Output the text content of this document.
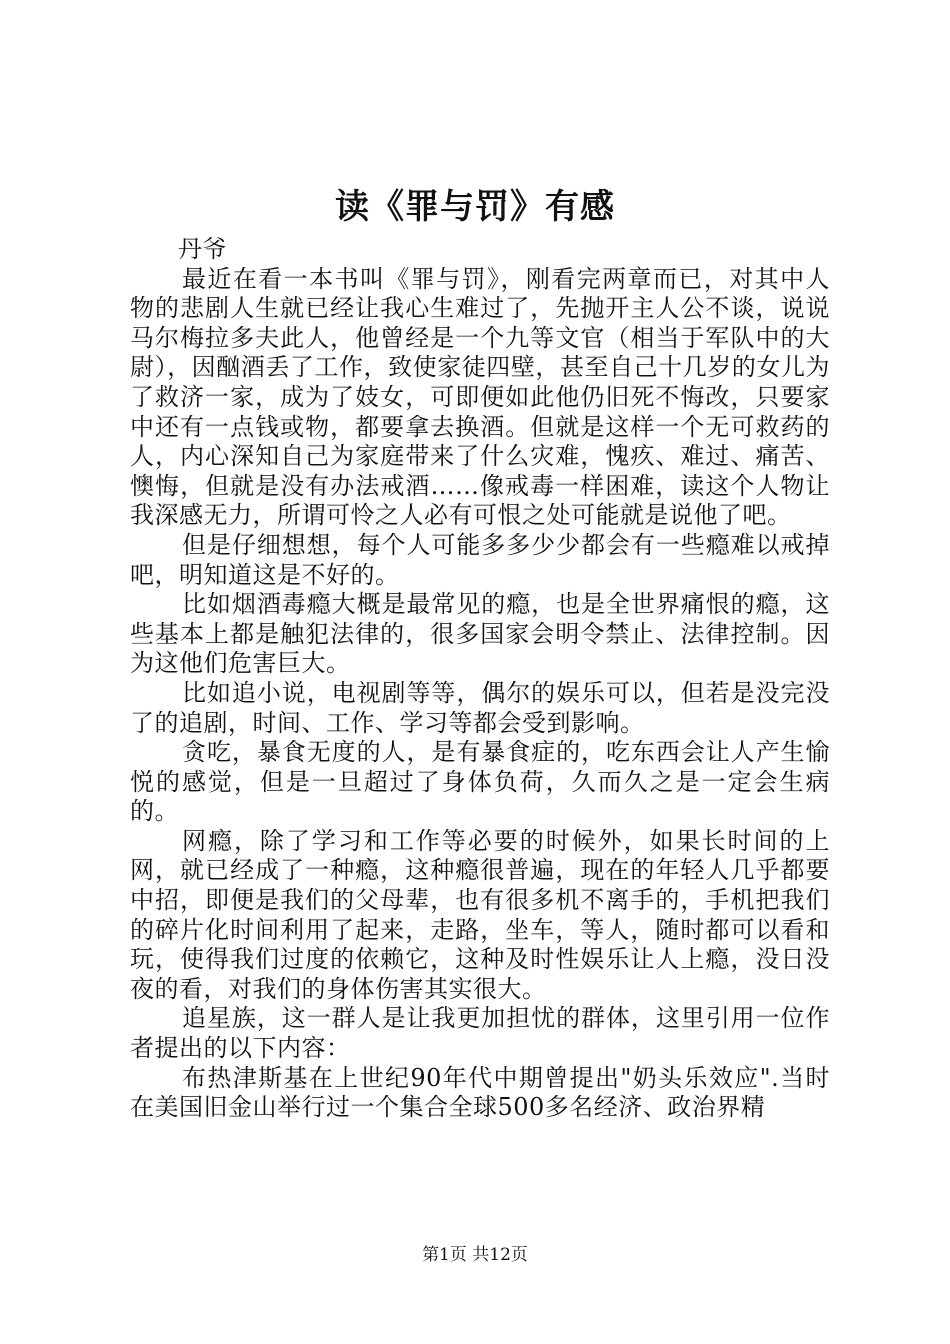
读《罪与罚》有感

丹爷

最近在看一本书叫《罪与罚》，刚看完两章而已，对其中人物的悲剧人生就已经让我心生难过了，先抛开主人公不谈，说说马尔梅拉多夫此人，他曾经是一个九等文官（相当于军队中的大尉），因酗酒丢了工作，致使家徒四壁，甚至自己十几岁的女儿为了救济一家，成为了妓女，可即便如此他仍旧死不悔改，只要家中还有一点钱或物，都要拿去换酒。但就是这样一个无可救药的人，内心深知自己为家庭带来了什么灾难，愧疚、难过、痛苦、懊悔，但就是没有办法戒酒……像戒毒一样困难，读这个人物让我深感无力，所谓可怜之人必有可恨之处可能就是说他了吧。

但是仔细想想，每个人可能多多少少都会有一些瘾难以戒掉吧，明知道这是不好的。

比如烟酒毒瘾大概是最常见的瘾，也是全世界痛恨的瘾，这些基本上都是触犯法律的，很多国家会明令禁止、法律控制。因为这他们危害巨大。

比如追小说，电视剧等等，偶尔的娱乐可以，但若是没完没了的追剧，时间、工作、学习等都会受到影响。

贪吃，暴食无度的人，是有暴食症的，吃东西会让人产生愉悦的感觉，但是一旦超过了身体负荷，久而久之是一定会生病的。

网瘾，除了学习和工作等必要的时候外，如果长时间的上网，就已经成了一种瘾，这种瘾很普遍，现在的年轻人几乎都要中招，即便是我们的父母辈，也有很多机不离手的，手机把我们的碎片化时间利用了起来，走路，坐车，等人，随时都可以看和玩，使得我们过度的依赖它，这种及时性娱乐让人上瘾，没日没夜的看，对我们的身体伤害其实很大。

追星族，这一群人是让我更加担忧的群体，这里引用一位作者提出的以下内容：

布热津斯基在上世纪90年代中期曾提出"奶头乐效应".当时在美国旧金山举行过一个集合全球500多名经济、政治界精

第1页 共12页
